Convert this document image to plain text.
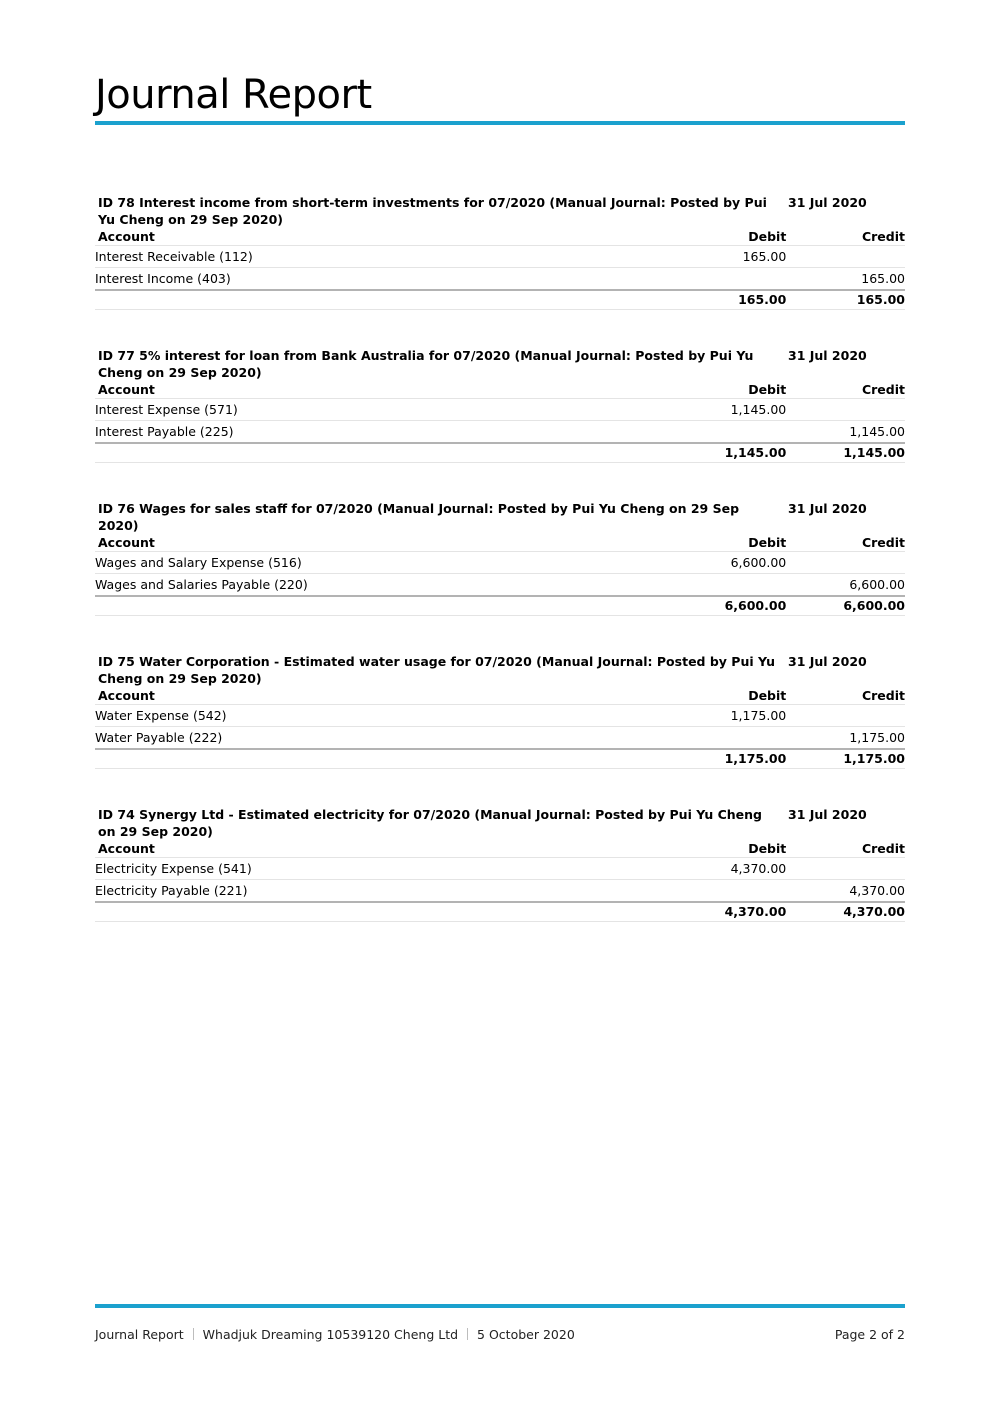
Journal Report
ID 78 Interest income from short-term investments for 07/2020 (Manual Journal: Posted by Pui Yu Cheng on 29 Sep 2020)
31 Jul 2020
Account	Debit	Credit
Interest Receivable (112)	165.00	
Interest Income (403)		165.00
	165.00	165.00
ID 77 5% interest for loan from Bank Australia for 07/2020 (Manual Journal: Posted by Pui Yu Cheng on 29 Sep 2020)
31 Jul 2020
Account	Debit	Credit
Interest Expense (571)	1,145.00	
Interest Payable (225)		1,145.00
	1,145.00	1,145.00
ID 76 Wages for sales staff for 07/2020 (Manual Journal: Posted by Pui Yu Cheng on 29 Sep 2020)
31 Jul 2020
Account	Debit	Credit
Wages and Salary Expense (516)	6,600.00	
Wages and Salaries Payable (220)		6,600.00
	6,600.00	6,600.00
ID 75 Water Corporation - Estimated water usage for 07/2020 (Manual Journal: Posted by Pui Yu Cheng on 29 Sep 2020)
31 Jul 2020
Account	Debit	Credit
Water Expense (542)	1,175.00	
Water Payable (222)		1,175.00
	1,175.00	1,175.00
ID 74 Synergy Ltd - Estimated electricity for 07/2020 (Manual Journal: Posted by Pui Yu Cheng on 29 Sep 2020)
31 Jul 2020
Account	Debit	Credit
Electricity Expense (541)	4,370.00	
Electricity Payable (221)		4,370.00
	4,370.00	4,370.00
Journal Report Whadjuk Dreaming 10539120 Cheng Ltd 5 October 2020	Page 2 of 2
